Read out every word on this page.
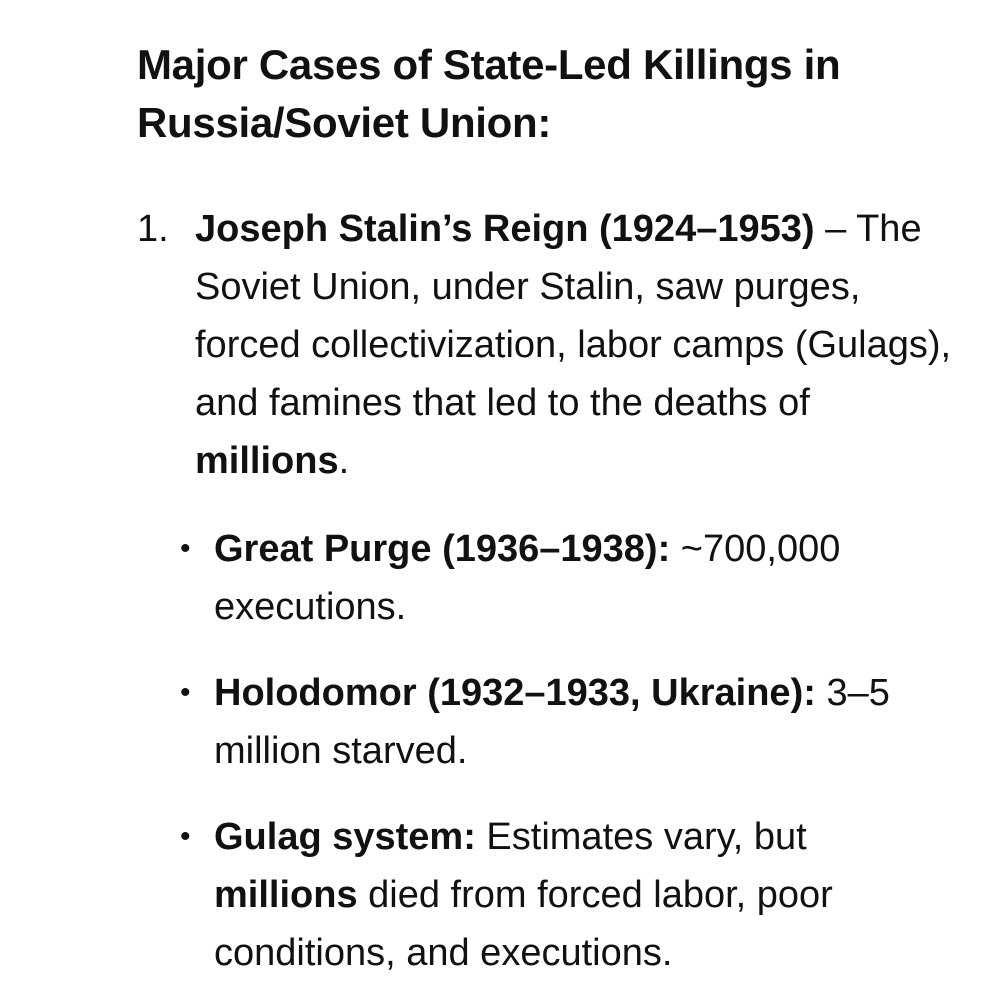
Major Cases of State-Led Killings in Russia/Soviet Union:
1. Joseph Stalin’s Reign (1924–1953) – The Soviet Union, under Stalin, saw purges, forced collectivization, labor camps (Gulags), and famines that led to the deaths of millions.
• Great Purge (1936–1938): ~700,000 executions.
• Holodomor (1932–1933, Ukraine): 3–5 million starved.
• Gulag system: Estimates vary, but millions died from forced labor, poor conditions, and executions.
